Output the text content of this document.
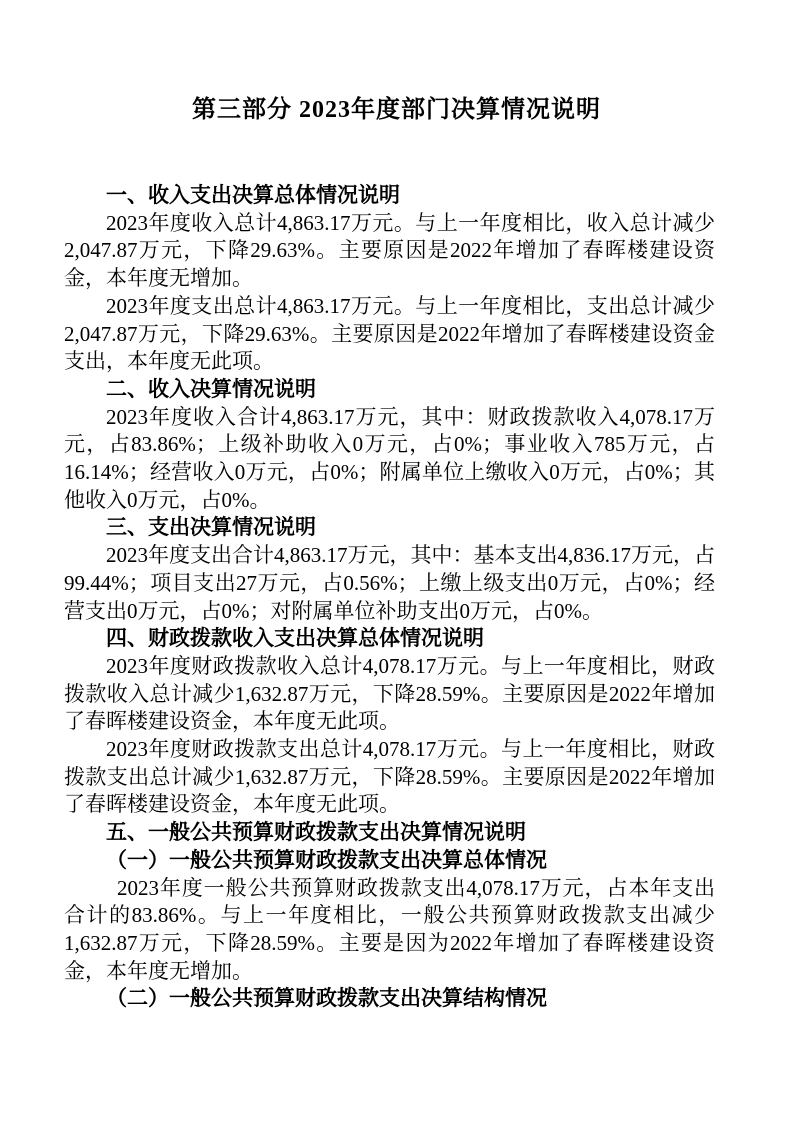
第三部分 2023年度部门决算情况说明
一、收入支出决算总体情况说明

2023年度收入总计4,863.17万元。与上一年度相比，收入总计减少2,047.87万元，下降29.63%。主要原因是2022年增加了春晖楼建设资金，本年度无增加。

2023年度支出总计4,863.17万元。与上一年度相比，支出总计减少2,047.87万元，下降29.63%。主要原因是2022年增加了春晖楼建设资金支出，本年度无此项。

二、收入决算情况说明

2023年度收入合计4,863.17万元，其中：财政拨款收入4,078.17万元，占83.86%；上级补助收入0万元，占0%；事业收入785万元，占16.14%；经营收入0万元，占0%；附属单位上缴收入0万元，占0%；其他收入0万元，占0%。

三、支出决算情况说明

2023年度支出合计4,863.17万元，其中：基本支出4,836.17万元，占99.44%；项目支出27万元，占0.56%；上缴上级支出0万元，占0%；经营支出0万元，占0%；对附属单位补助支出0万元，占0%。

四、财政拨款收入支出决算总体情况说明

2023年度财政拨款收入总计4,078.17万元。与上一年度相比，财政拨款收入总计减少1,632.87万元，下降28.59%。主要原因是2022年增加了春晖楼建设资金，本年度无此项。

2023年度财政拨款支出总计4,078.17万元。与上一年度相比，财政拨款支出总计减少1,632.87万元，下降28.59%。主要原因是2022年增加了春晖楼建设资金，本年度无此项。

五、一般公共预算财政拨款支出决算情况说明
（一）一般公共预算财政拨款支出决算总体情况

2023年度一般公共预算财政拨款支出4,078.17万元，占本年支出合计的83.86%。与上一年度相比，一般公共预算财政拨款支出减少1,632.87万元，下降28.59%。主要是因为2022年增加了春晖楼建设资金，本年度无增加。

（二）一般公共预算财政拨款支出决算结构情况
